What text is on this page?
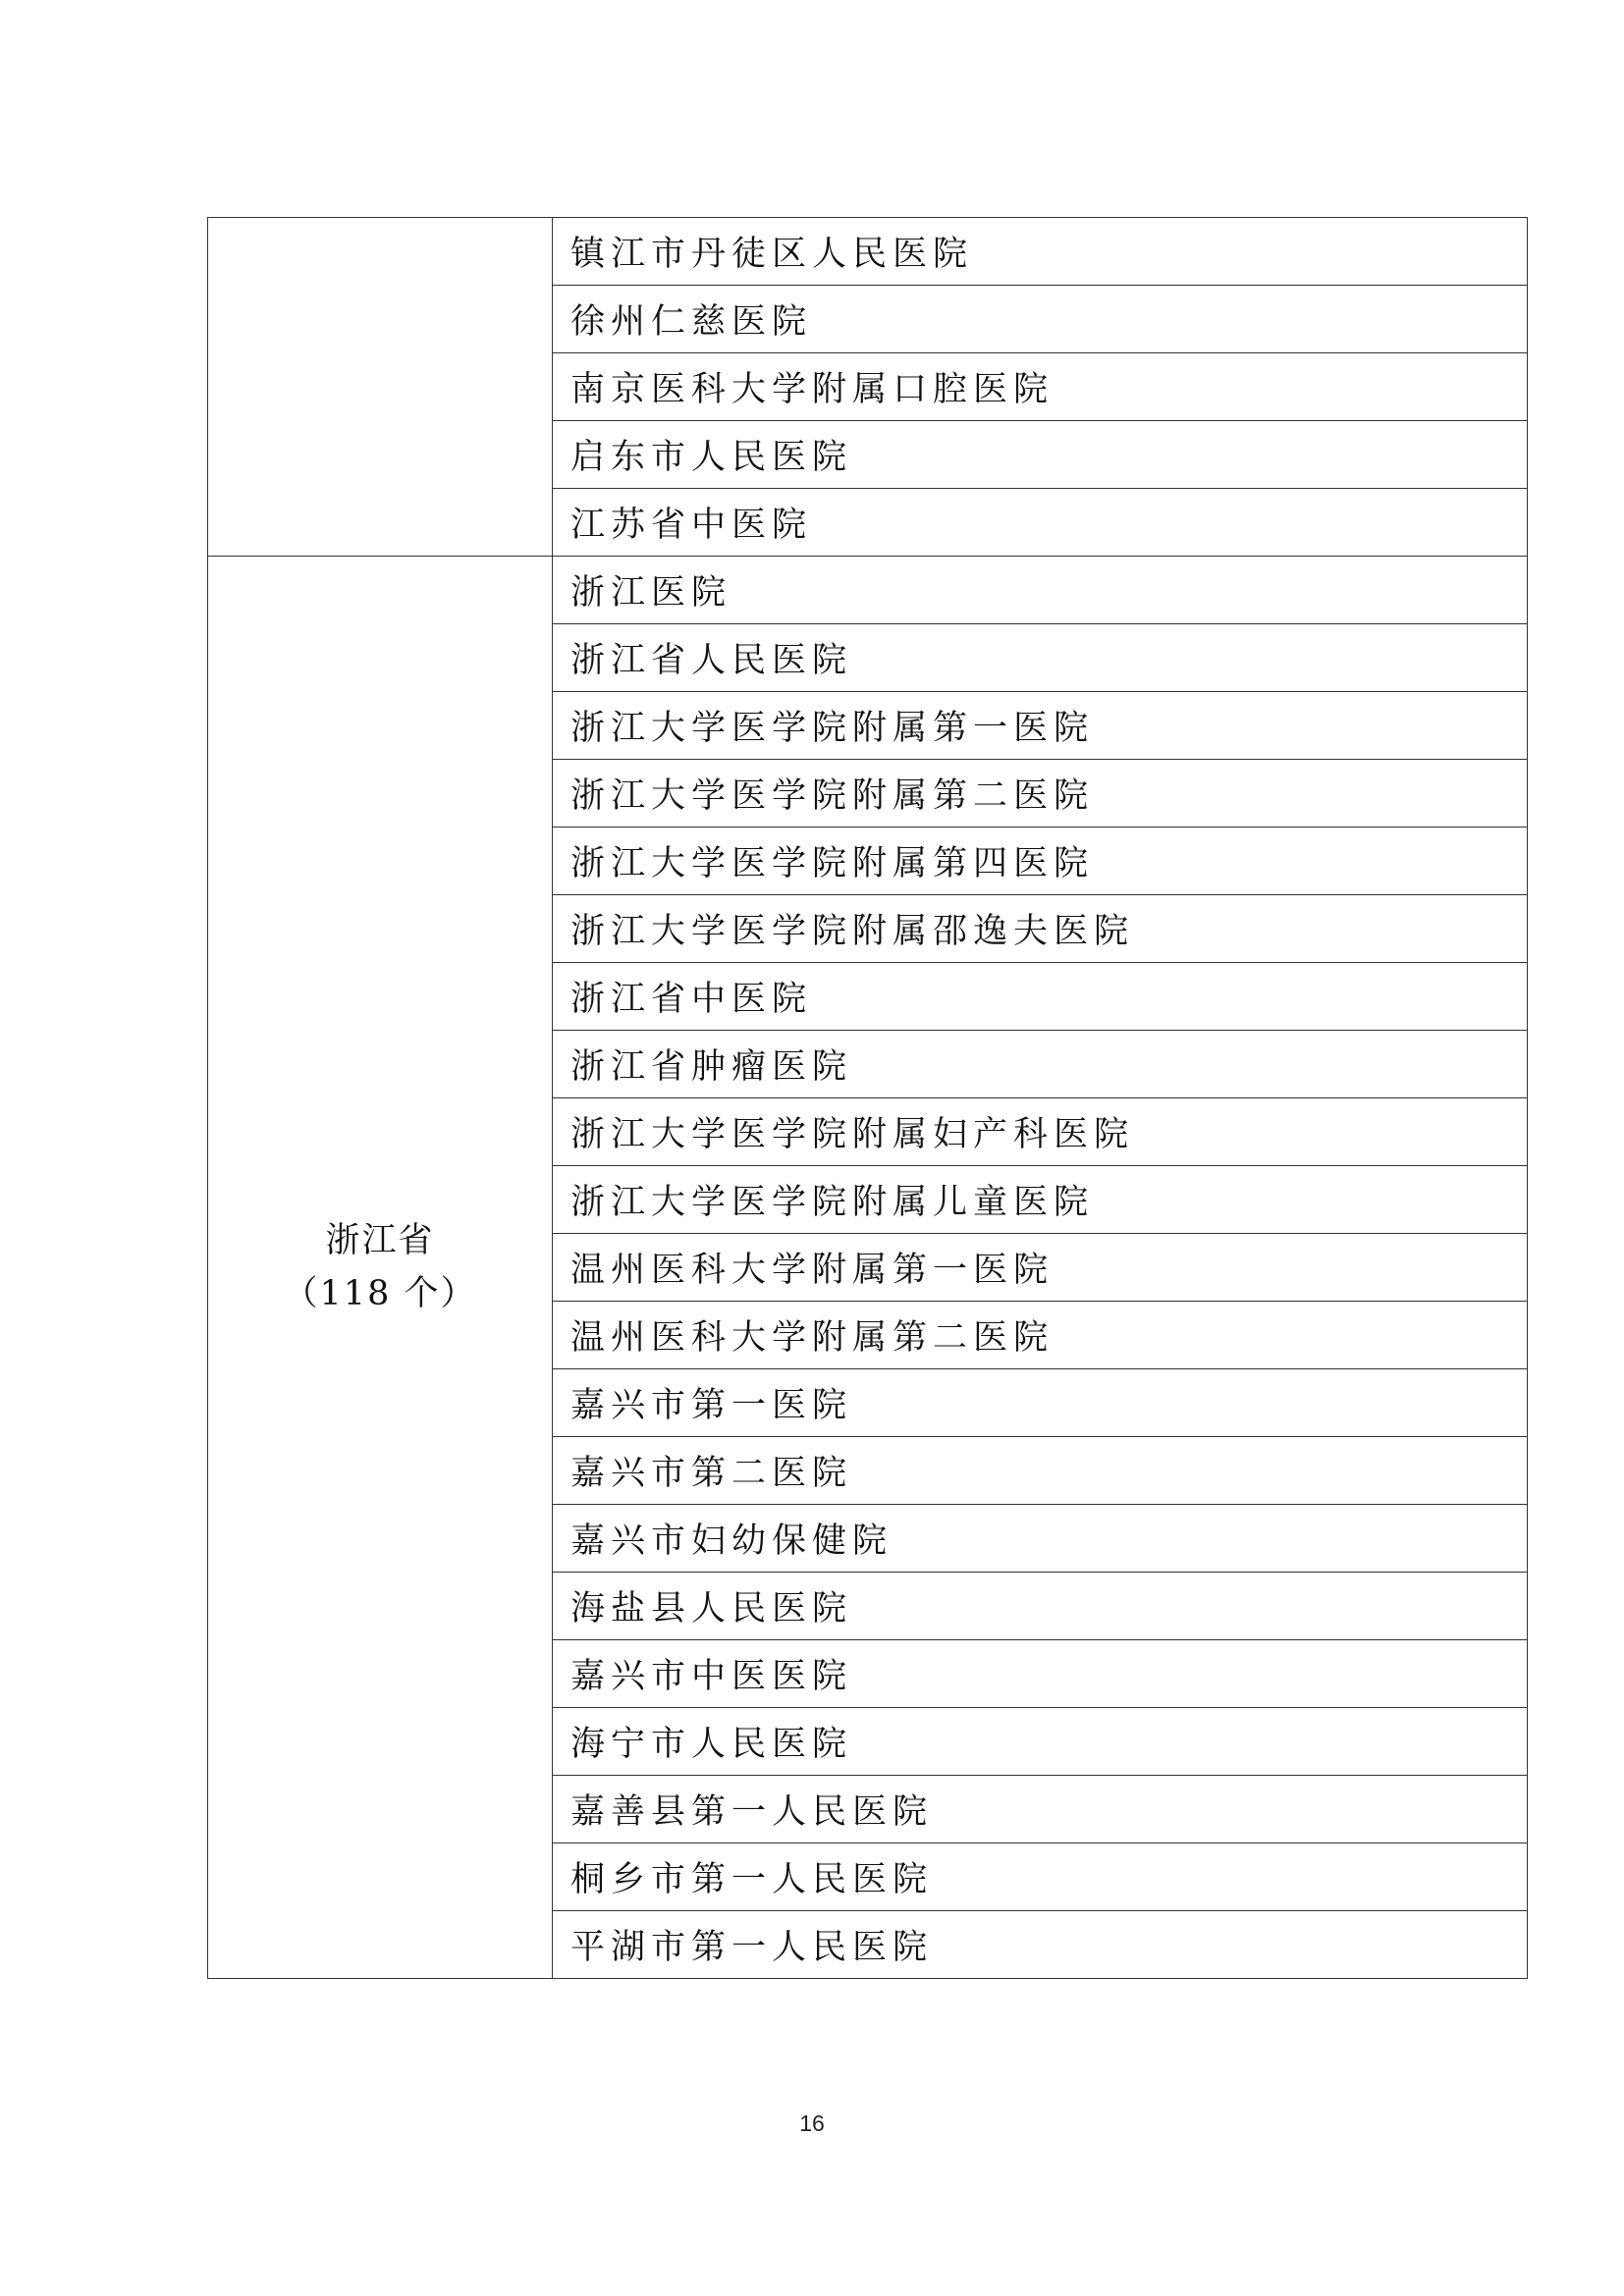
	镇江市丹徒区人民医院
	徐州仁慈医院
	南京医科大学附属口腔医院
	启东市人民医院
	江苏省中医院

浙江省
（118 个）	浙江医院
	浙江省人民医院
	浙江大学医学院附属第一医院
	浙江大学医学院附属第二医院
	浙江大学医学院附属第四医院
	浙江大学医学院附属邵逸夫医院
	浙江省中医院
	浙江省肿瘤医院
	浙江大学医学院附属妇产科医院
	浙江大学医学院附属儿童医院
	温州医科大学附属第一医院
	温州医科大学附属第二医院
	嘉兴市第一医院
	嘉兴市第二医院
	嘉兴市妇幼保健院
	海盐县人民医院
	嘉兴市中医医院
	海宁市人民医院
	嘉善县第一人民医院
	桐乡市第一人民医院
	平湖市第一人民医院
16
